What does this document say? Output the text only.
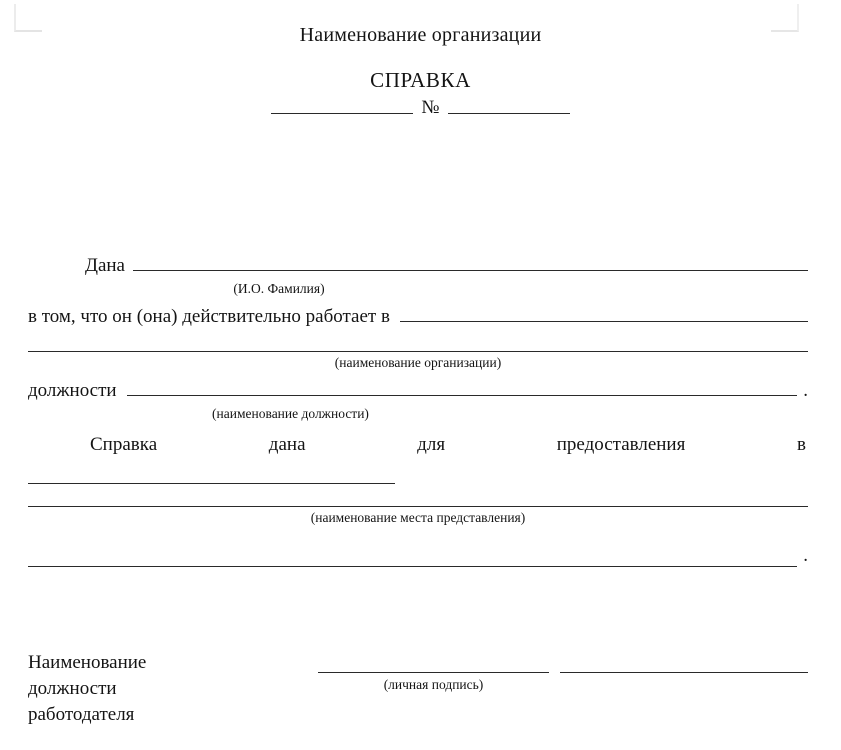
Наименование организации
СПРАВКА
№
Дана
(И.О. Фамилия)
в том, что он (она) действительно работает в
(наименование организации)
должности	.
(наименование должности)
Справка	дана	для	предоставления	в
(наименование места представления)
.
Наименование
должности
работодателя
(личная подпись)
